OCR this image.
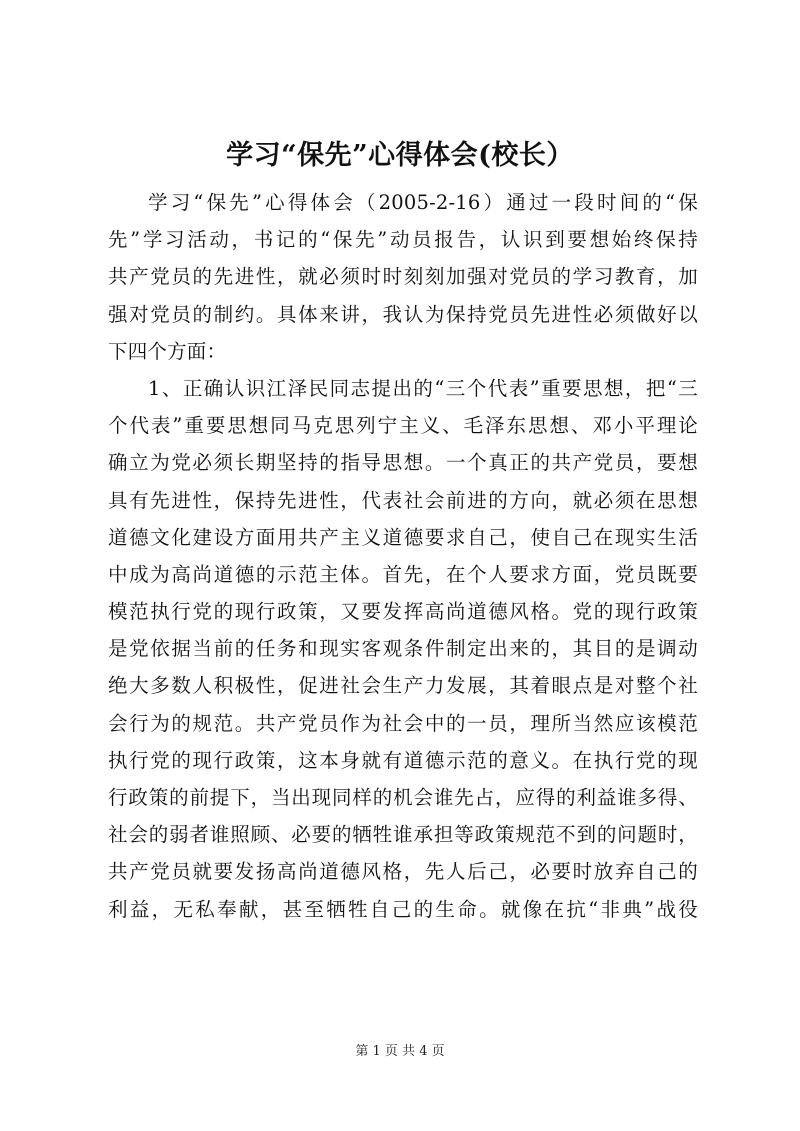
学习“保先”心得体会(校长）
学习“保先”心得体会（2005-2-16）通过一段时间的“保
先”学习活动，书记的“保先”动员报告，认识到要想始终保持
共产党员的先进性，就必须时时刻刻加强对党员的学习教育，加
强对党员的制约。具体来讲，我认为保持党员先进性必须做好以
下四个方面：
1、正确认识江泽民同志提出的“三个代表”重要思想，把“三
个代表”重要思想同马克思列宁主义、毛泽东思想、邓小平理论
确立为党必须长期坚持的指导思想。一个真正的共产党员，要想
具有先进性，保持先进性，代表社会前进的方向，就必须在思想
道德文化建设方面用共产主义道德要求自己，使自己在现实生活
中成为高尚道德的示范主体。首先，在个人要求方面，党员既要
模范执行党的现行政策，又要发挥高尚道德风格。党的现行政策
是党依据当前的任务和现实客观条件制定出来的，其目的是调动
绝大多数人积极性，促进社会生产力发展，其着眼点是对整个社
会行为的规范。共产党员作为社会中的一员，理所当然应该模范
执行党的现行政策，这本身就有道德示范的意义。在执行党的现
行政策的前提下，当出现同样的机会谁先占，应得的利益谁多得、
社会的弱者谁照顾、必要的牺牲谁承担等政策规范不到的问题时，
共产党员就要发扬高尚道德风格，先人后己，必要时放弃自己的
利益，无私奉献，甚至牺牲自己的生命。就像在抗“非典”战役
第 1 页 共 4 页
